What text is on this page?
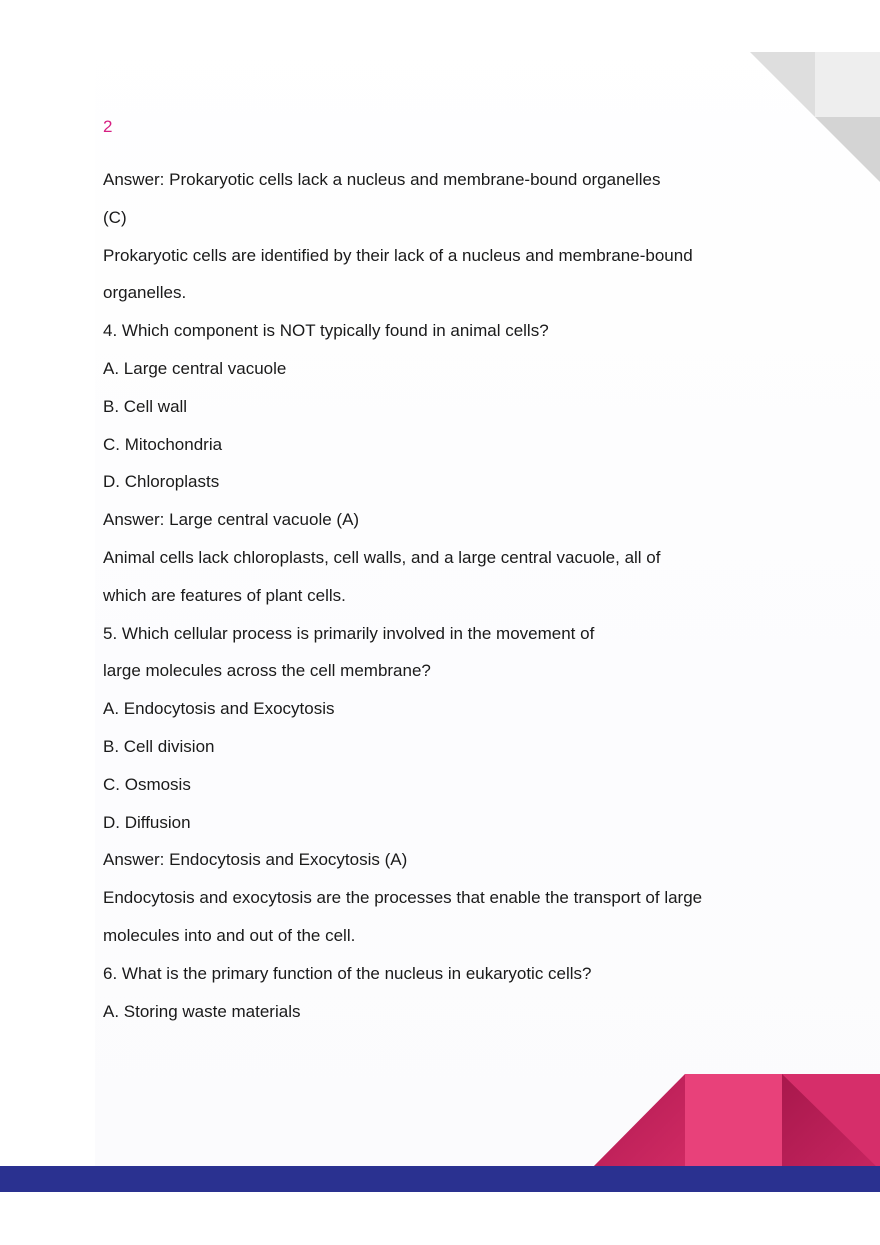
2
Answer: Prokaryotic cells lack a nucleus and membrane-bound organelles
(C)
Prokaryotic cells are identified by their lack of a nucleus and membrane-bound
organelles.
4. Which component is NOT typically found in animal cells?
A. Large central vacuole
B. Cell wall
C. Mitochondria
D. Chloroplasts
Answer: Large central vacuole (A)
Animal cells lack chloroplasts, cell walls, and a large central vacuole, all of
which are features of plant cells.
5. Which cellular process is primarily involved in the movement of
large molecules across the cell membrane?
A. Endocytosis and Exocytosis
B. Cell division
C. Osmosis
D. Diffusion
Answer: Endocytosis and Exocytosis (A)
Endocytosis and exocytosis are the processes that enable the transport of large
molecules into and out of the cell.
6. What is the primary function of the nucleus in eukaryotic cells?
A. Storing waste materials
